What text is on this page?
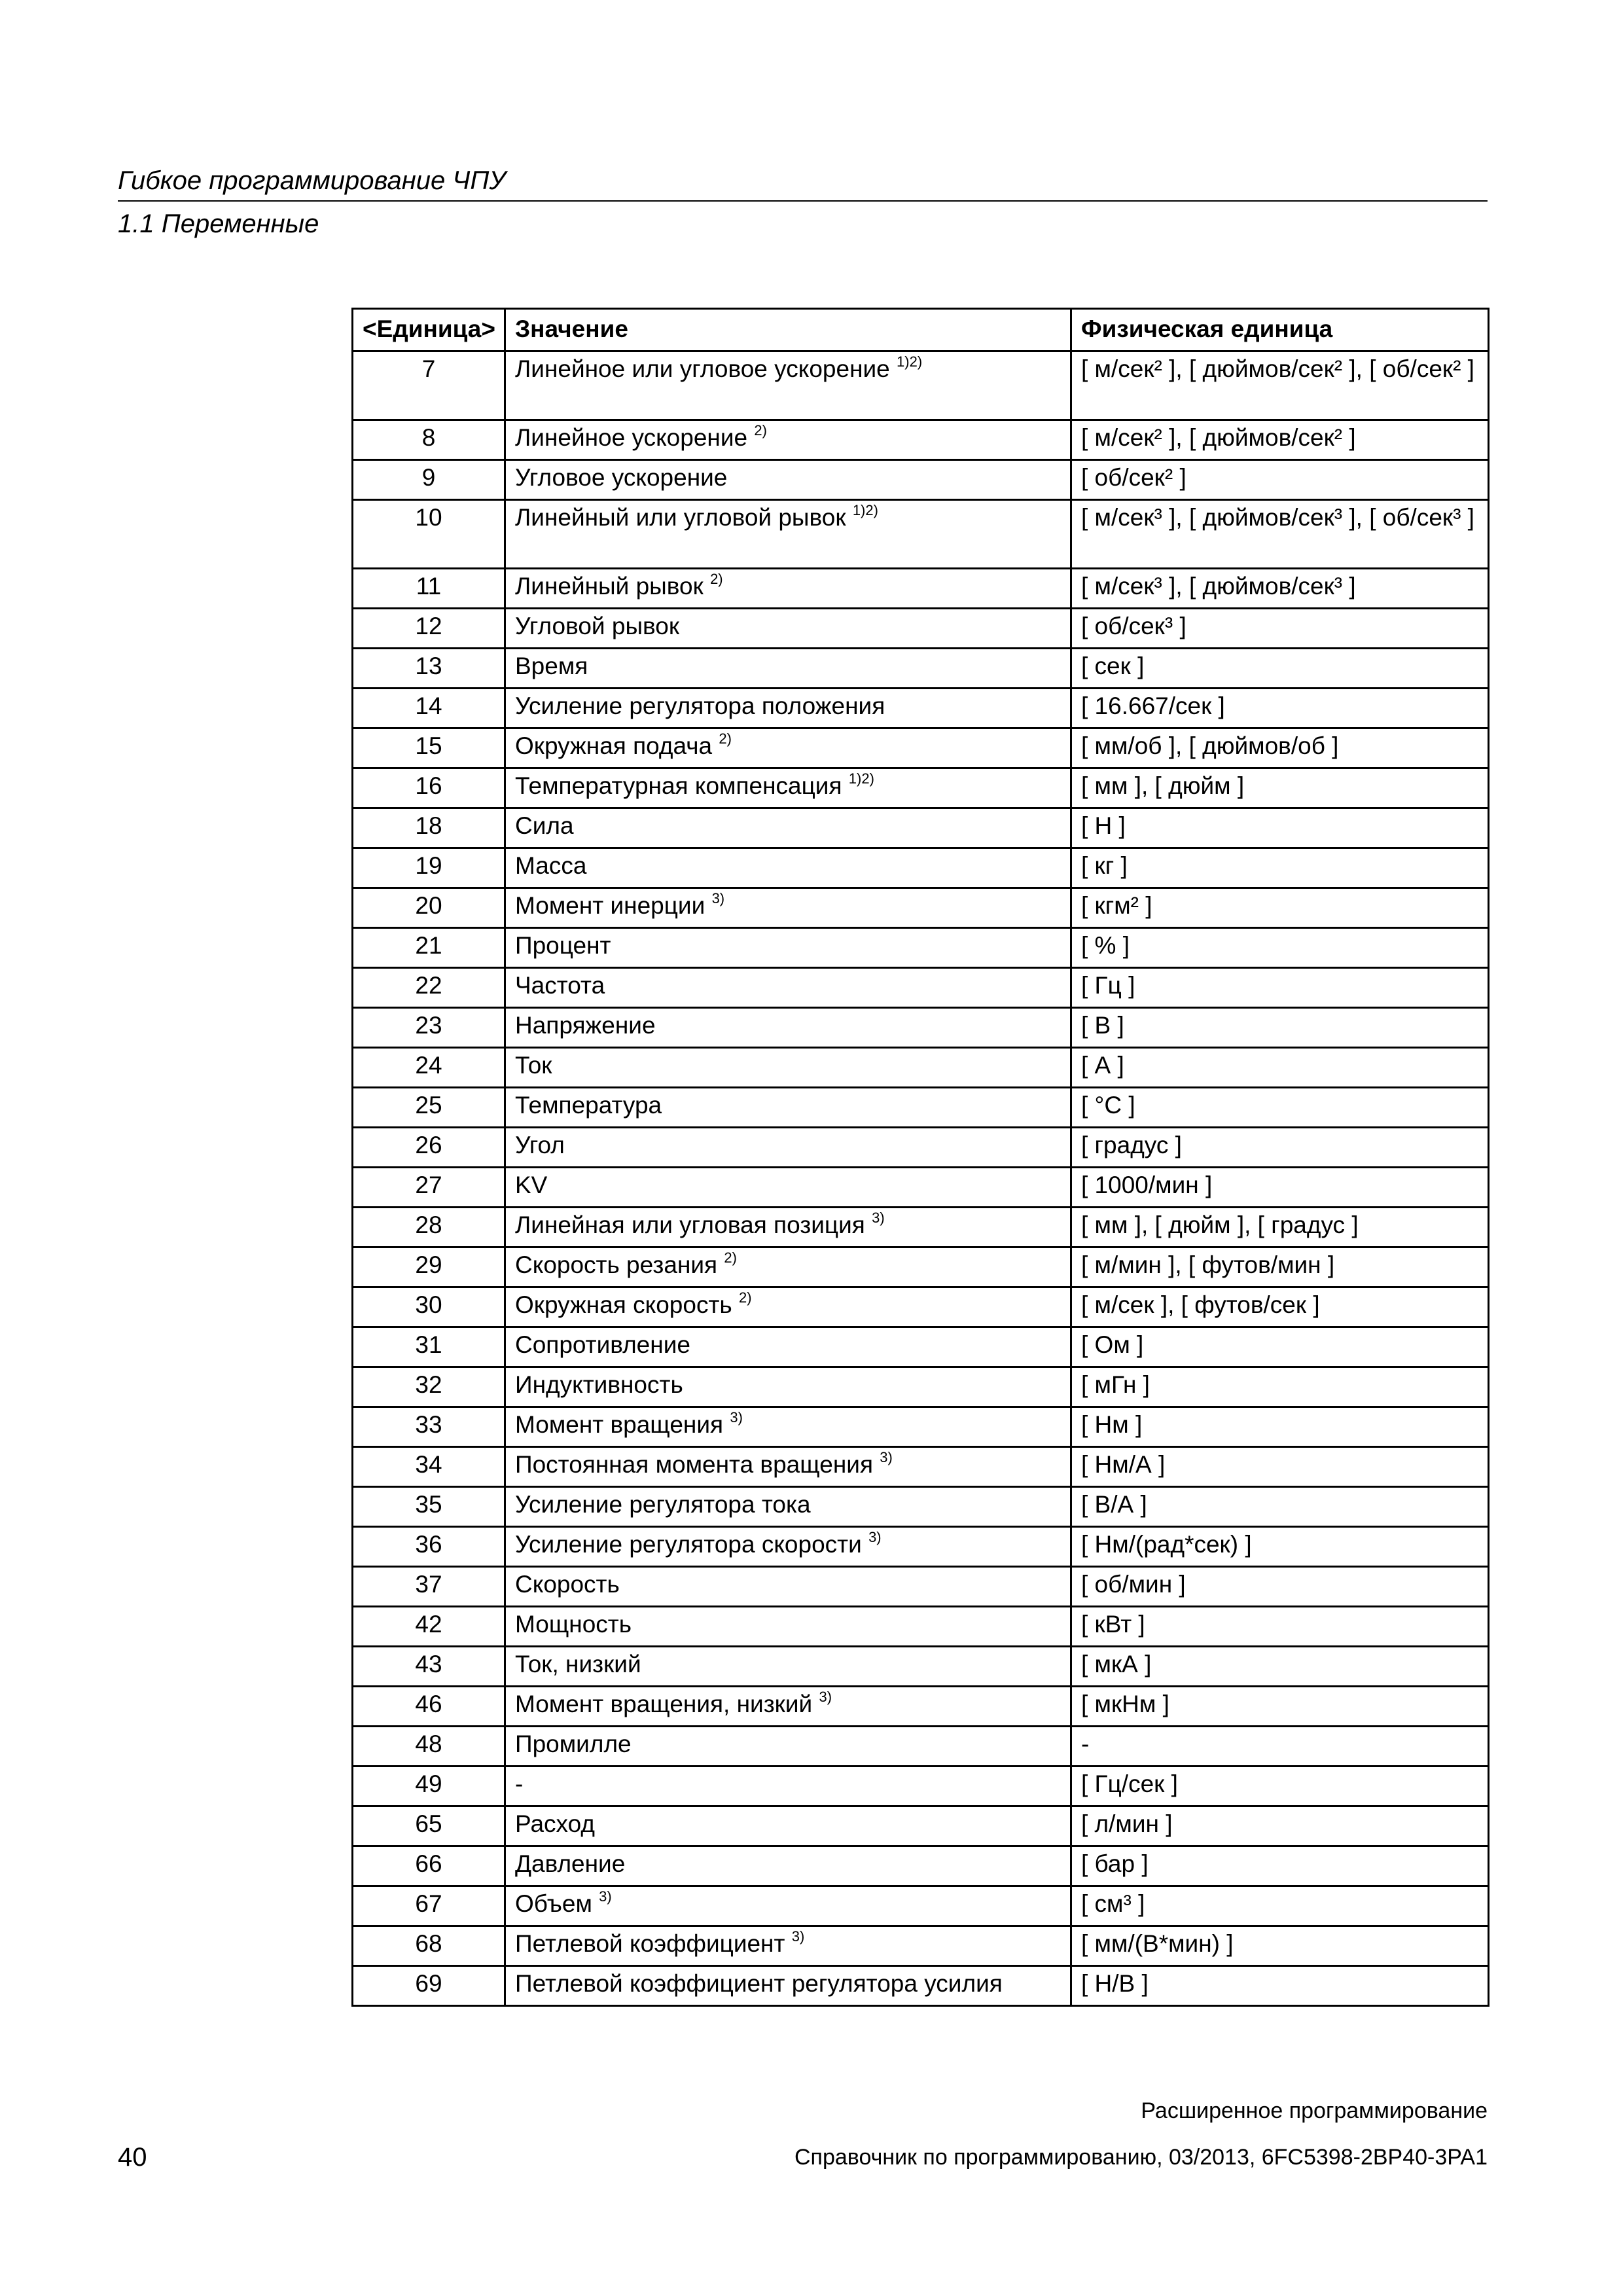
Гибкое программирование ЧПУ
1.1 Переменные
<Единица>	Значение	Физическая единица
7	Линейное или угловое ускорение $^{1)2)}$	[ м/сек² ], [ дюймов/сек² ], [ об/сек² ]
8	Линейное ускорение $^{2)}$	[ м/сек² ], [ дюймов/сек² ]
9	Угловое ускорение	[ об/сек² ]
10	Линейный или угловой рывок $^{1)2)}$	[ м/сек³ ], [ дюймов/сек³ ], [ об/сек³ ]
11	Линейный рывок $^{2)}$	[ м/сек³ ], [ дюймов/сек³ ]
12	Угловой рывок	[ об/сек³ ]
13	Время	[ сек ]
14	Усиление регулятора положения	[ 16.667/сек ]
15	Окружная подача $^{2)}$	[ мм/об ], [ дюймов/об ]
16	Температурная компенсация $^{1)2)}$	[ мм ], [ дюйм ]
18	Сила	[ Н ]
19	Масса	[ кг ]
20	Момент инерции $^{3)}$	[ кгм² ]
21	Процент	[ % ]
22	Частота	[ Гц ]
23	Напряжение	[ В ]
24	Ток	[ А ]
25	Температура	[ °C ]
26	Угол	[ градус ]
27	KV	[ 1000/мин ]
28	Линейная или угловая позиция $^{3)}$	[ мм ], [ дюйм ], [ градус ]
29	Скорость резания $^{2)}$	[ м/мин ], [ футов/мин ]
30	Окружная скорость $^{2)}$	[ м/сек ], [ футов/сек ]
31	Сопротивление	[ Ом ]
32	Индуктивность	[ мГн ]
33	Момент вращения $^{3)}$	[ Нм ]
34	Постоянная момента вращения $^{3)}$	[ Нм/А ]
35	Усиление регулятора тока	[ В/А ]
36	Усиление регулятора скорости $^{3)}$	[ Нм/(рад*сек) ]
37	Скорость	[ об/мин ]
42	Мощность	[ кВт ]
43	Ток, низкий	[ мкА ]
46	Момент вращения, низкий $^{3)}$	[ мкНм ]
48	Промилле	-
49	-	[ Гц/сек ]
65	Расход	[ л/мин ]
66	Давление	[ бар ]
67	Объем $^{3)}$	[ см³ ]
68	Петлевой коэффициент $^{3)}$	[ мм/(В*мин) ]
69	Петлевой коэффициент регулятора усилия	[ Н/В ]
Расширенное программирование
Справочник по программированию, 03/2013, 6FC5398-2BP40-3PA1
40
